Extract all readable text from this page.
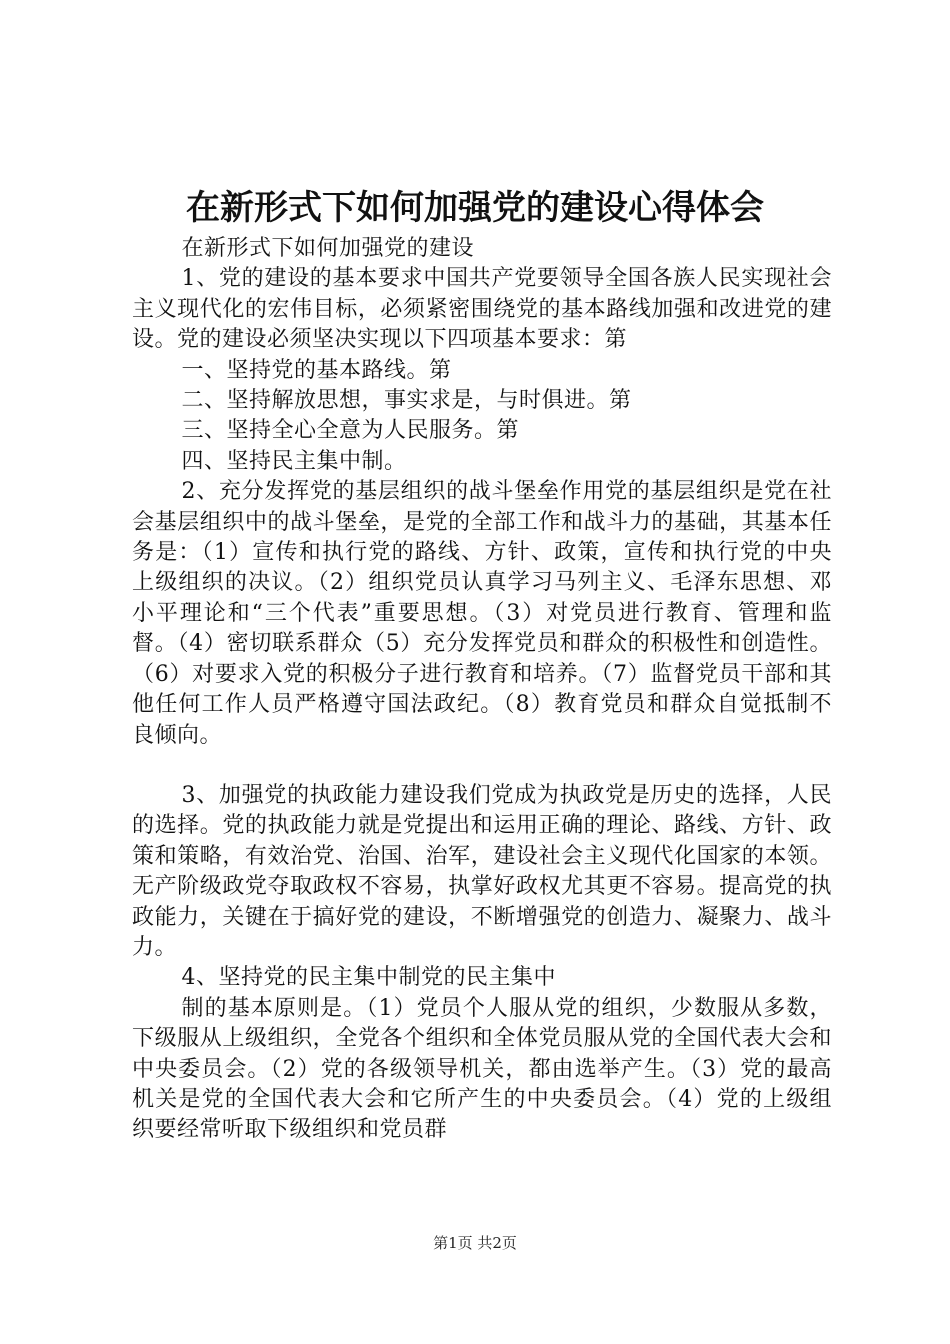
在新形式下如何加强党的建设心得体会

在新形式下如何加强党的建设

1、党的建设的基本要求中国共产党要领导全国各族人民实现社会主义现代化的宏伟目标，必须紧密围绕党的基本路线加强和改进党的建设。党的建设必须坚决实现以下四项基本要求：第

一、坚持党的基本路线。第

二、坚持解放思想，事实求是，与时俱进。第

三、坚持全心全意为人民服务。第

四、坚持民主集中制。

2、充分发挥党的基层组织的战斗堡垒作用党的基层组织是党在社会基层组织中的战斗堡垒，是党的全部工作和战斗力的基础，其基本任务是：（1）宣传和执行党的路线、方针、政策，宣传和执行党的中央上级组织的决议。（2）组织党员认真学习马列主义、毛泽东思想、邓小平理论和“三个代表”重要思想。（3）对党员进行教育、管理和监督。（4）密切联系群众（5）充分发挥党员和群众的积极性和创造性。（6）对要求入党的积极分子进行教育和培养。（7）监督党员干部和其他任何工作人员严格遵守国法政纪。（8）教育党员和群众自觉抵制不良倾向。

3、加强党的执政能力建设我们党成为执政党是历史的选择，人民的选择。党的执政能力就是党提出和运用正确的理论、路线、方针、政策和策略，有效治党、治国、治军，建设社会主义现代化国家的本领。无产阶级政党夺取政权不容易，执掌好政权尤其更不容易。提高党的执政能力，关键在于搞好党的建设，不断增强党的创造力、凝聚力、战斗力。

4、坚持党的民主集中制党的民主集中

制的基本原则是。（1）党员个人服从党的组织，少数服从多数，下级服从上级组织，全党各个组织和全体党员服从党的全国代表大会和中央委员会。（2）党的各级领导机关，都由选举产生。（3）党的最高机关是党的全国代表大会和它所产生的中央委员会。（4）党的上级组织要经常听取下级组织和党员群

第1页 共2页
